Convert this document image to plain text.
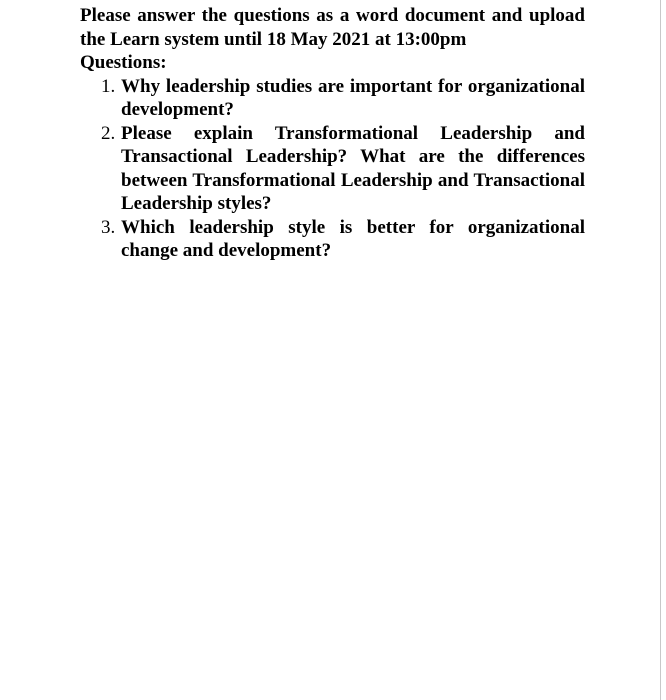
Please answer the questions as a word document and upload the Learn system until 18 May 2021 at 13:00pm

Questions:

1. Why leadership studies are important for organizational development?
2. Please explain Transformational Leadership and Transactional Leadership? What are the differences between Transformational Leadership and Transactional Leadership styles?
3. Which leadership style is better for organizational change and development?
